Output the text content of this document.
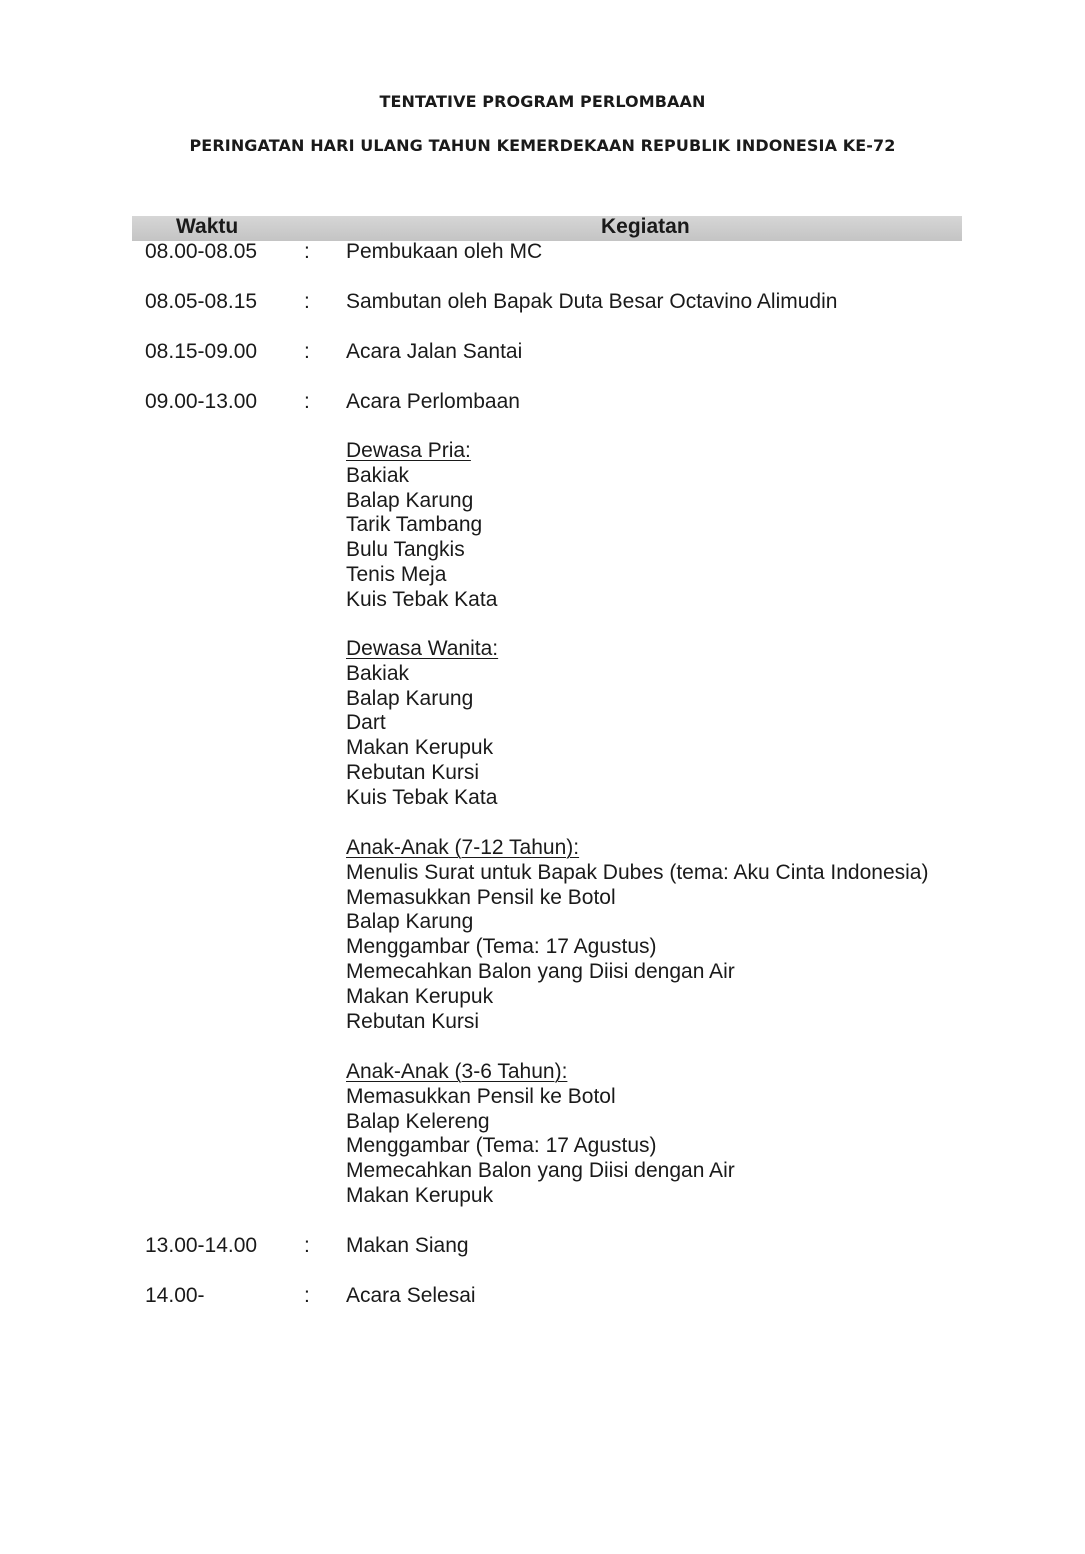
TENTATIVE PROGRAM PERLOMBAAN
PERINGATAN HARI ULANG TAHUN KEMERDEKAAN REPUBLIK INDONESIA KE-72
Waktu	Kegiatan
08.00-08.05 : Pembukaan oleh MC
08.05-08.15 : Sambutan oleh Bapak Duta Besar Octavino Alimudin
08.15-09.00 : Acara Jalan Santai
09.00-13.00 : Acara Perlombaan
Dewasa Pria:
Bakiak
Balap Karung
Tarik Tambang
Bulu Tangkis
Tenis Meja
Kuis Tebak Kata
Dewasa Wanita:
Bakiak
Balap Karung
Dart
Makan Kerupuk
Rebutan Kursi
Kuis Tebak Kata
Anak-Anak (7-12 Tahun):
Menulis Surat untuk Bapak Dubes (tema: Aku Cinta Indonesia)
Memasukkan Pensil ke Botol
Balap Karung
Menggambar (Tema: 17 Agustus)
Memecahkan Balon yang Diisi dengan Air
Makan Kerupuk
Rebutan Kursi
Anak-Anak (3-6 Tahun):
Memasukkan Pensil ke Botol
Balap Kelereng
Menggambar (Tema: 17 Agustus)
Memecahkan Balon yang Diisi dengan Air
Makan Kerupuk
13.00-14.00 : Makan Siang
14.00-	: Acara Selesai
